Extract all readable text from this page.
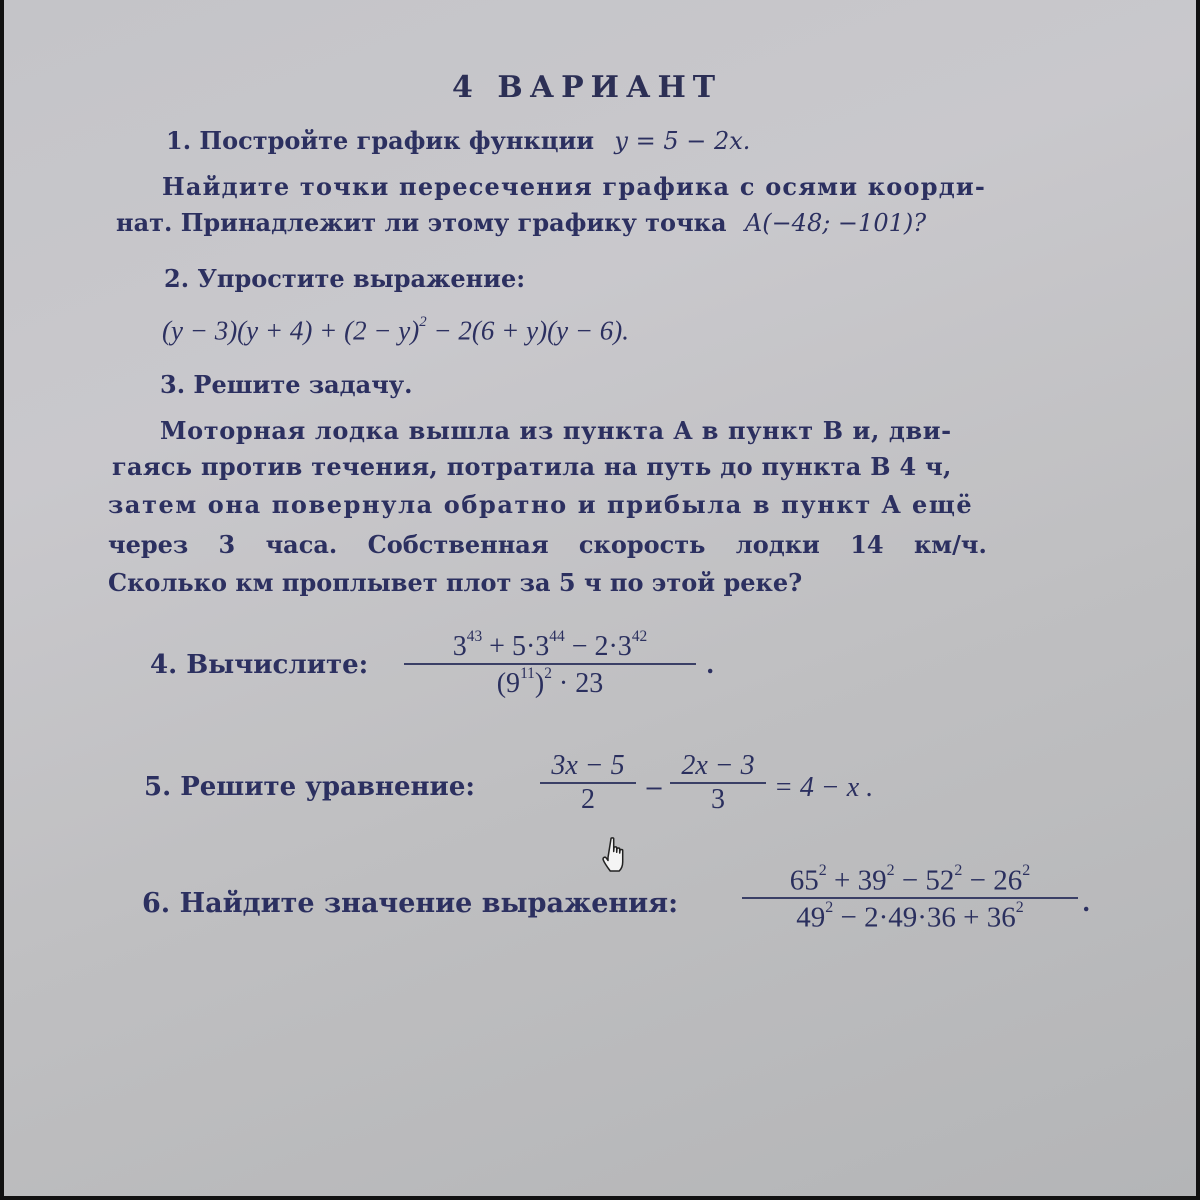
4 ВАРИАНТ
1. Постройте график функции y = 5 − 2x.
Найдите точки пересечения графика с осями коорди-
нат. Принадлежит ли этому графику точка A(−48; −101)?
2. Упростите выражение:
$(y - 3)(y + 4) + (2 - y)^2 - 2(6 + y)(y - 6)$.
3. Решите задачу.
Моторная лодка вышла из пункта A в пункт B и, дви-
гаясь против течения, потратила на путь до пункта B 4 ч,
затем она повернула обратно и прибыла в пункт A ещё
через 3 часа. Собственная скорость лодки 14 км/ч.
Сколько км проплывет плот за 5 ч по этой реке?
4. Вычислите:
$3^{43} + 5\cdot 3^{44} - 2\cdot 3^{42}$
$(9^{11})^2 \cdot 23$
.
5. Решите уравнение:
3x − 5
2 −
2x − 3
3 = 4 − x .
6. Найдите значение выражения:
$65^2 + 39^2 - 52^2 - 26^2$
$49^2 - 2\cdot 49\cdot 36 + 36^2$ .
